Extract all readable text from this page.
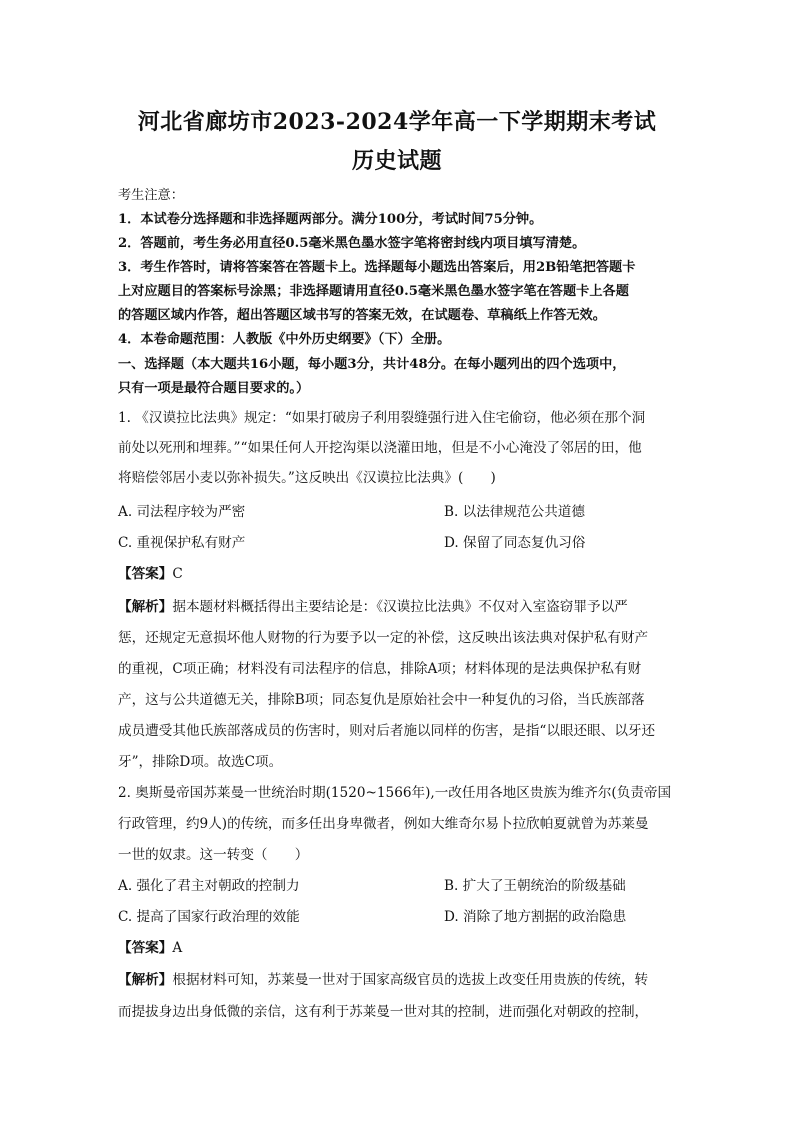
河北省廊坊市2023-2024学年高一下学期期末考试
历史试题
考生注意：
1．本试卷分选择题和非选择题两部分。满分100分，考试时间75分钟。
2．答题前，考生务必用直径0.5毫米黑色墨水签字笔将密封线内项目填写清楚。
3．考生作答时，请将答案答在答题卡上。选择题每小题选出答案后，用2B铅笔把答题卡
上对应题目的答案标号涂黑；非选择题请用直径0.5毫米黑色墨水签字笔在答题卡上各题
的答题区域内作答，超出答题区域书写的答案无效，在试题卷、草稿纸上作答无效。
4．本卷命题范围：人教版《中外历史纲要》（下）全册。
一、选择题（本大题共16小题，每小题3分，共计48分。在每小题列出的四个选项中，
只有一项是最符合题目要求的。）
1. 《汉谟拉比法典》规定：“如果打破房子利用裂缝强行进入住宅偷窃，他必须在那个洞
前处以死刑和埋葬。”“如果任何人开挖沟渠以浇灌田地，但是不小心淹没了邻居的田，他
将赔偿邻居小麦以弥补损失。”这反映出《汉谟拉比法典》(　　)
A. 司法程序较为严密	B. 以法律规范公共道德
C. 重视保护私有财产	D. 保留了同态复仇习俗
【答案】C
【解析】据本题材料概括得出主要结论是：《汉谟拉比法典》不仅对入室盗窃罪予以严
惩，还规定无意损坏他人财物的行为要予以一定的补偿，这反映出该法典对保护私有财产
的重视，C项正确；材料没有司法程序的信息，排除A项；材料体现的是法典保护私有财
产，这与公共道德无关，排除B项；同态复仇是原始社会中一种复仇的习俗，当氏族部落
成员遭受其他氏族部落成员的伤害时，则对后者施以同样的伤害，是指“以眼还眼、以牙还
牙”，排除D项。故选C项。
2. 奥斯曼帝国苏莱曼一世统治时期(1520~1566年),一改任用各地区贵族为维齐尔(负责帝国
行政管理，约9人)的传统，而多任出身卑微者，例如大维奇尔易卜拉欣帕夏就曾为苏莱曼
一世的奴隶。这一转变（　　）
A. 强化了君主对朝政的控制力	B. 扩大了王朝统治的阶级基础
C. 提高了国家行政治理的效能	D. 消除了地方割据的政治隐患
【答案】A
【解析】根据材料可知，苏莱曼一世对于国家高级官员的选拔上改变任用贵族的传统，转
而提拔身边出身低微的亲信，这有利于苏莱曼一世对其的控制，进而强化对朝政的控制，
